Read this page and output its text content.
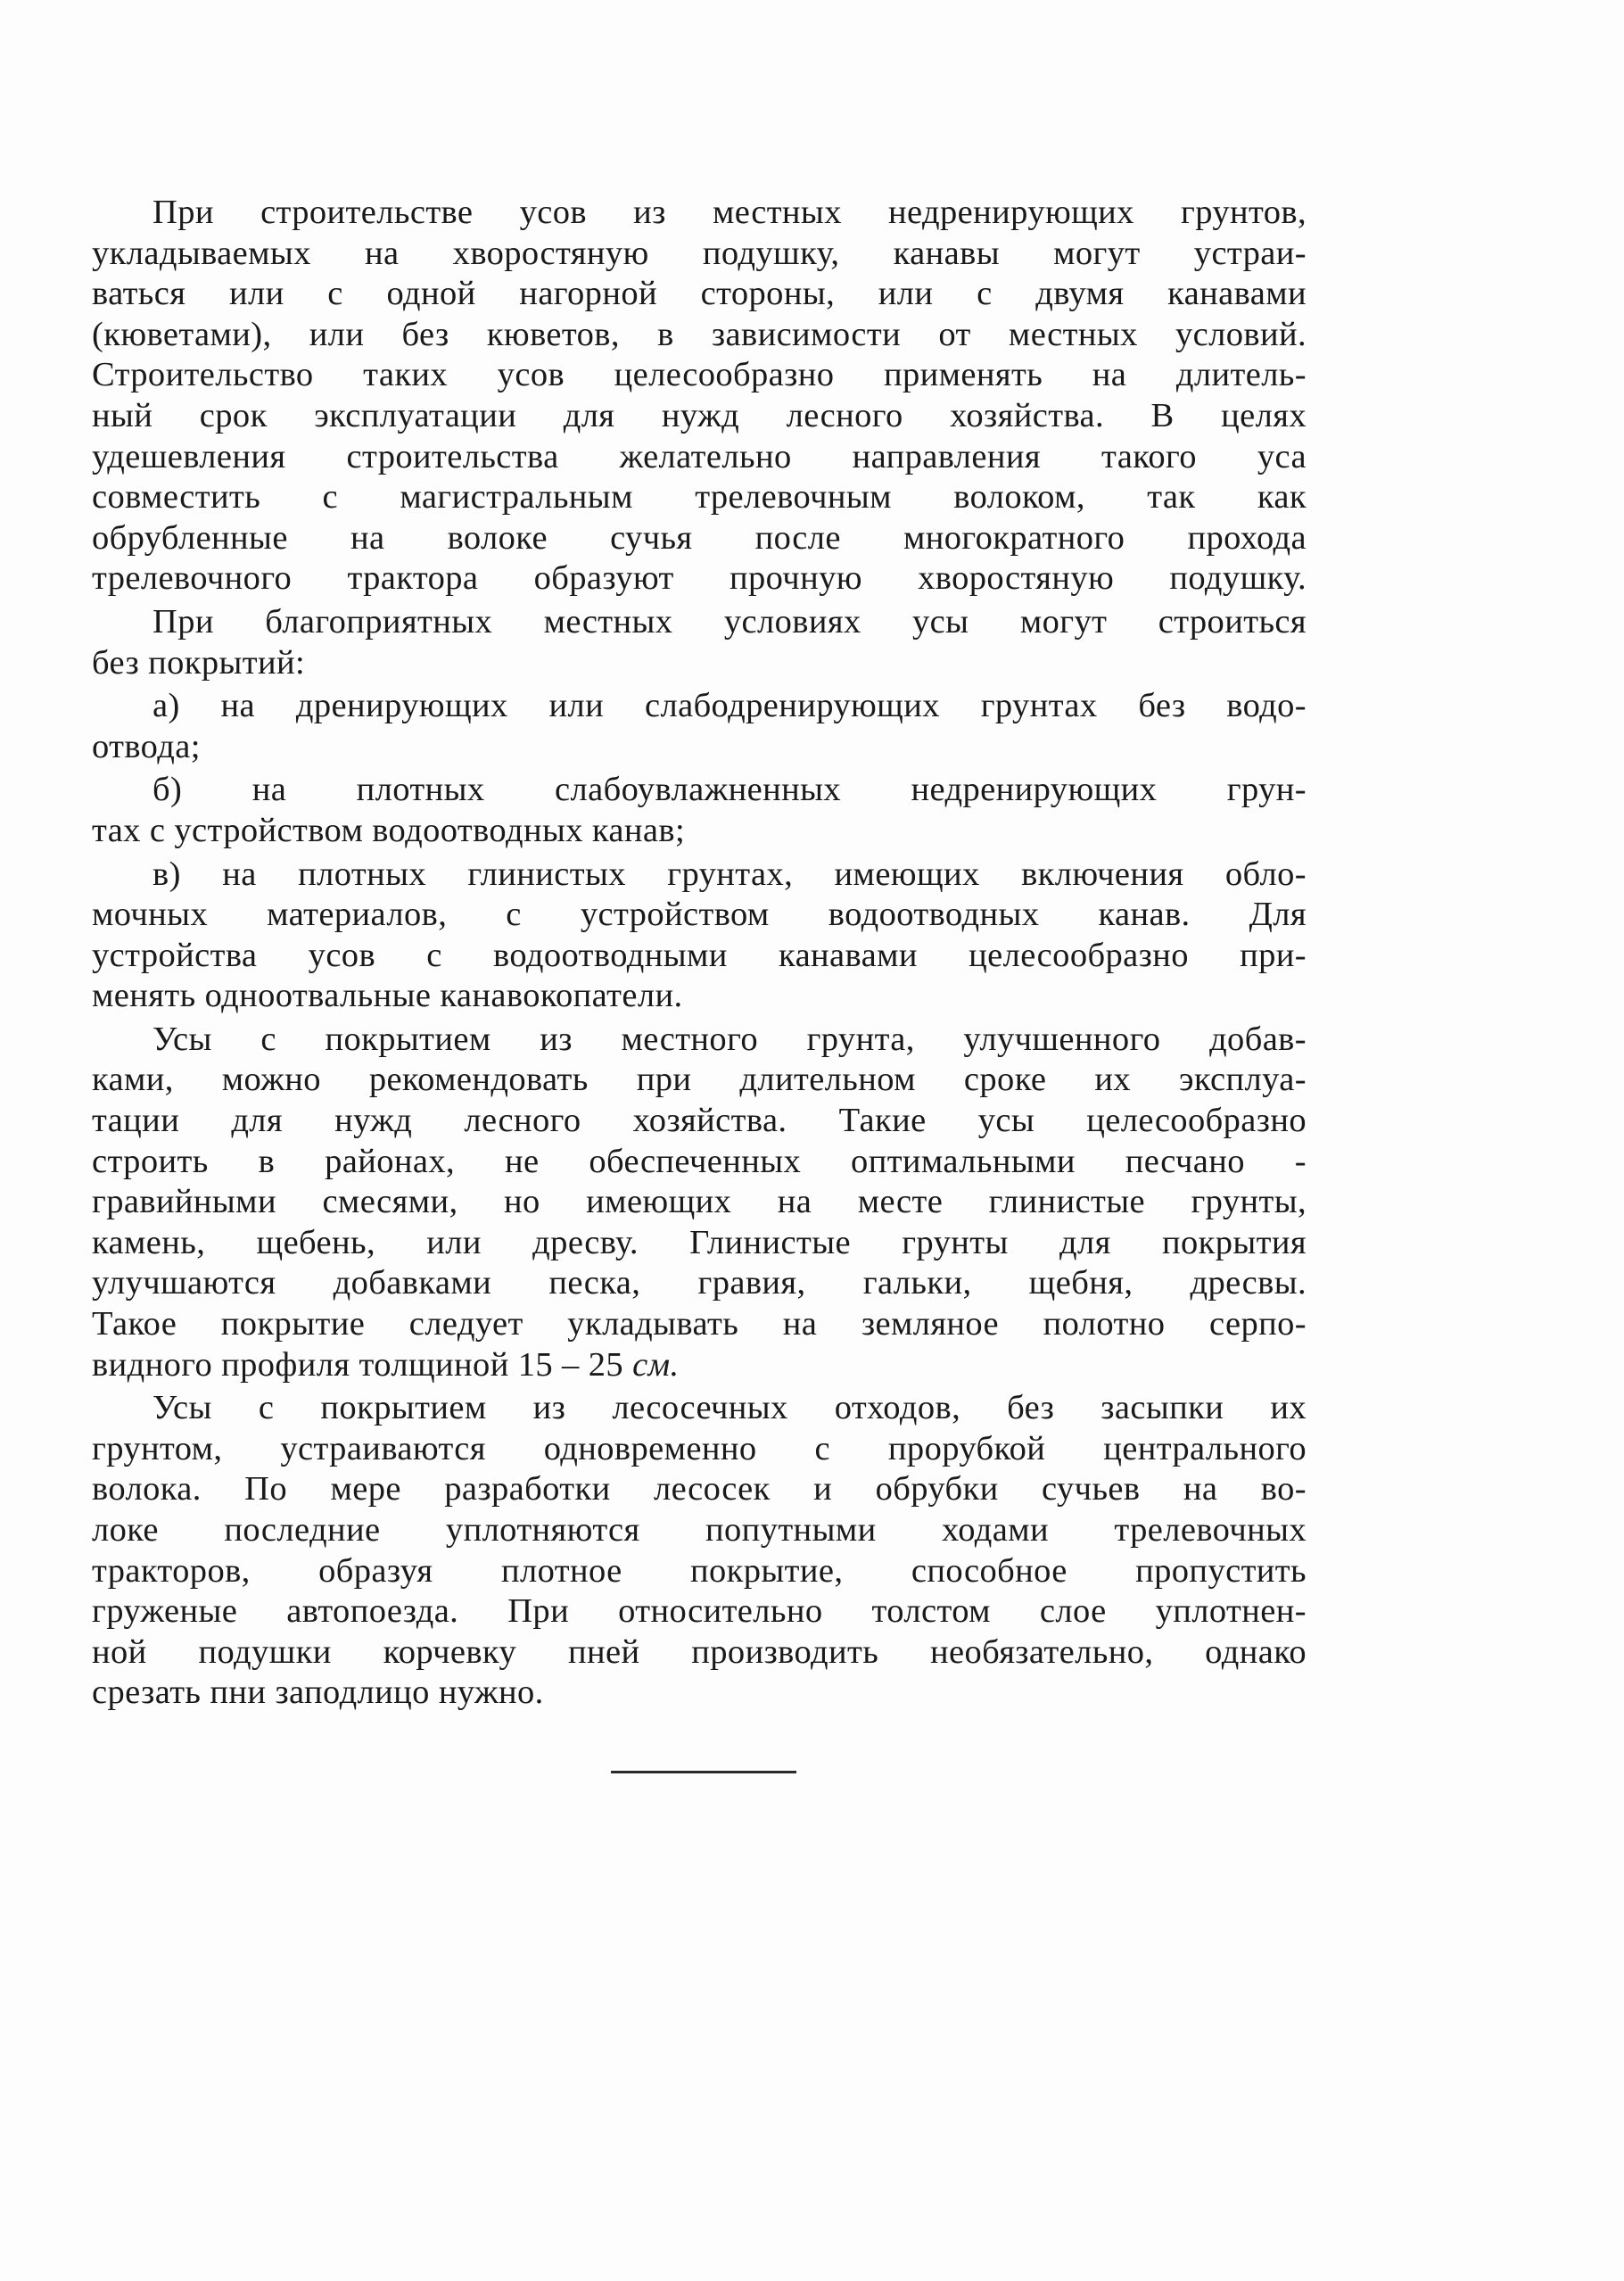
При строительстве усов из местных недренирующих грунтов,
укладываемых на хворостяную подушку, канавы могут устраи-
ваться или с одной нагорной стороны, или с двумя канавами
(кюветами), или без кюветов, в зависимости от местных условий.
Строительство таких усов целесообразно применять на длитель-
ный срок эксплуатации для нужд лесного хозяйства. В целях
удешевления строительства желательно направления такого уса
совместить с магистральным трелевочным волоком, так как
обрубленные на волоке сучья после многократного прохода
трелевочного трактора образуют прочную хворостяную подушку.
При благоприятных местных условиях усы могут строиться
без покрытий:
а) на дренирующих или слабодренирующих грунтах без водо-
отвода;
б) на плотных слабоувлажненных недренирующих грун-
тах с устройством водоотводных канав;
в) на плотных глинистых грунтах, имеющих включения обло-
мочных материалов, с устройством водоотводных канав. Для
устройства усов с водоотводными канавами целесообразно при-
менять одноотвальные канавокопатели.
Усы с покрытием из местного грунта, улучшенного добав-
ками, можно рекомендовать при длительном сроке их эксплуа-
тации для нужд лесного хозяйства. Такие усы целесообразно
строить в районах, не обеспеченных оптимальными песчано -
гравийными смесями, но имеющих на месте глинистые грунты,
камень, щебень, или дресву. Глинистые грунты для покрытия
улучшаются добавками песка, гравия, гальки, щебня, дресвы.
Такое покрытие следует укладывать на земляное полотно серпо-
видного профиля толщиной 15 – 25 см.
Усы с покрытием из лесосечных отходов, без засыпки их
грунтом, устраиваются одновременно с прорубкой центрального
волока. По мере разработки лесосек и обрубки сучьев на во-
локе последние уплотняются попутными ходами трелевочных
тракторов, образуя плотное покрытие, способное пропустить
груженые автопоезда. При относительно толстом слое уплотнен-
ной подушки корчевку пней производить необязательно, однако
срезать пни заподлицо нужно.
